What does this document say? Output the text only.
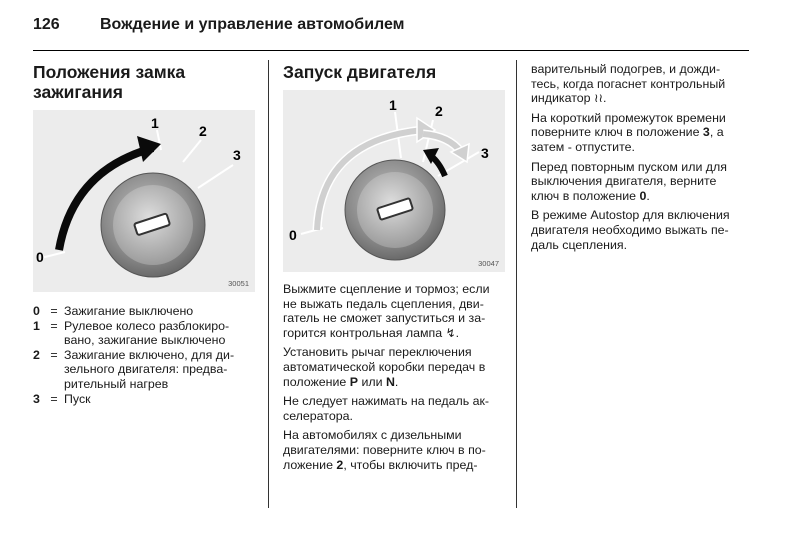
126	Вождение и управление автомобилем
Положения замка
зажигания
0
1	2
3
30051
0 = Зажигание выключено
1 = Рулевое колесо разблокиро-
вано, зажигание выключено
2 = Зажигание включено, для ди-
зельного двигателя: предва-
рительный нагрев
3 = Пуск
Запуск двигателя
0
1	2
3
30047

Выжмите сцепление и тормоз; если
не выжать педаль сцепления, дви-
гатель не сможет запуститься и за-
горится контрольная лампа ↯.

Установить рычаг переключения
автоматической коробки передач в
положение P или N.

Не следует нажимать на педаль ак-
селератора.

На автомобилях с дизельными
двигателями: поверните ключ в по-
ложение 2, чтобы включить пред-

варительный подогрев, и дожди-
тесь, когда погаснет контрольный
индикатор ≀≀.

На короткий промежуток времени
поверните ключ в положение 3, а
затем - отпустите.

Перед повторным пуском или для
выключения двигателя, верните
ключ в положение 0.

В режиме Autostop для включения
двигателя необходимо выжать пе-
даль сцепления.
